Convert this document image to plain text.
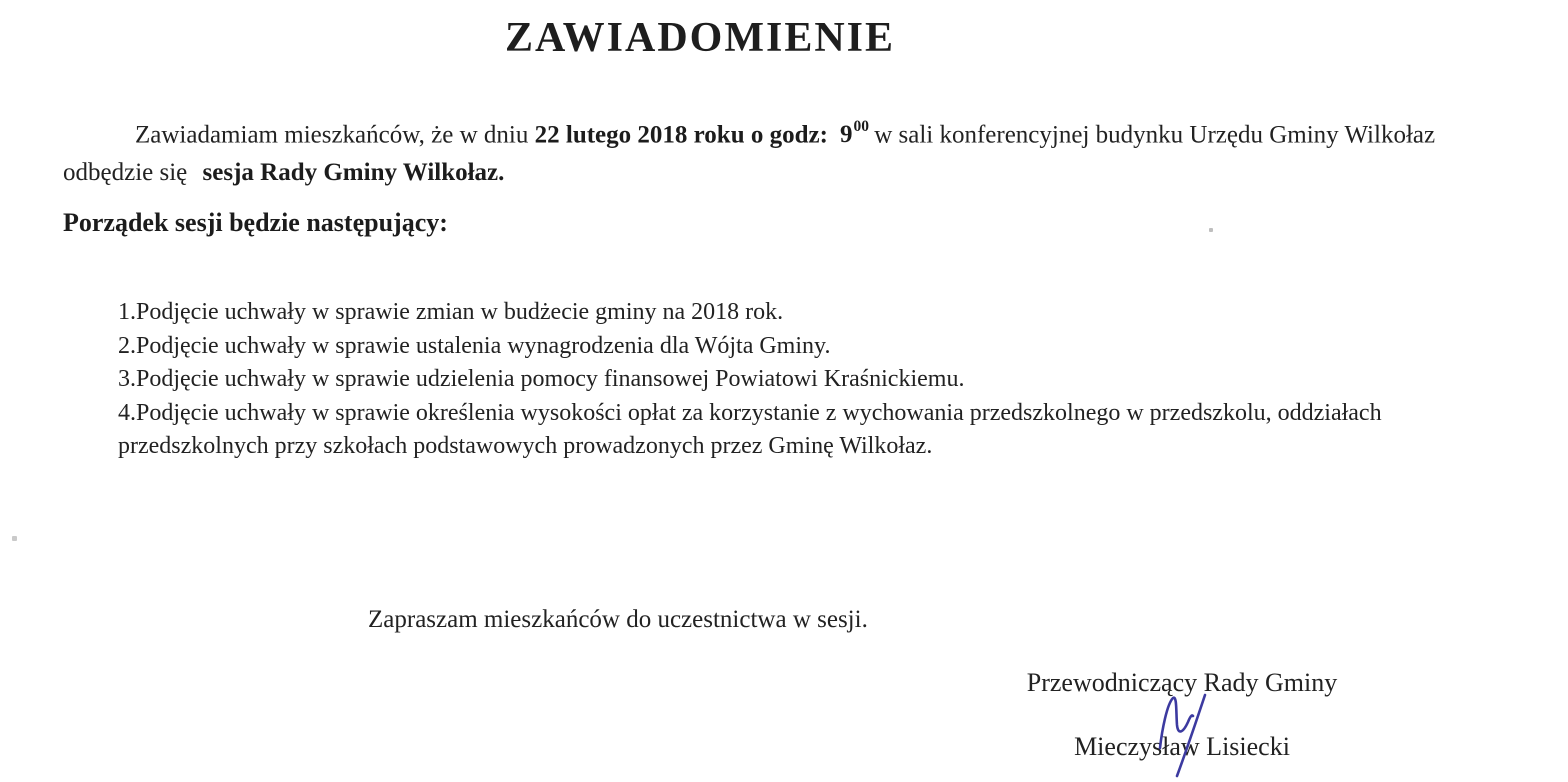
ZAWIADOMIENIE

Zawiadamiam mieszkańców, że w dniu 22 lutego 2018 roku o godz: $9^{00}$ w sali konferencyjnej budynku Urzędu Gminy Wilkołaz odbędzie się sesja Rady Gminy Wilkołaz.

Porządek sesji będzie następujący:
1.Podjęcie uchwały w sprawie zmian w budżecie gminy na 2018 rok.
2.Podjęcie uchwały w sprawie ustalenia wynagrodzenia dla Wójta Gminy.
3.Podjęcie uchwały w sprawie udzielenia pomocy finansowej Powiatowi Kraśnickiemu.
4.Podjęcie uchwały w sprawie określenia wysokości opłat za korzystanie z wychowania przedszkolnego w przedszkolu, oddziałach przedszkolnych przy szkołach podstawowych prowadzonych przez Gminę Wilkołaz.

Zapraszam mieszkańców do uczestnictwa w sesji.

Przewodniczący Rady Gminy
Mieczysław Lisiecki
